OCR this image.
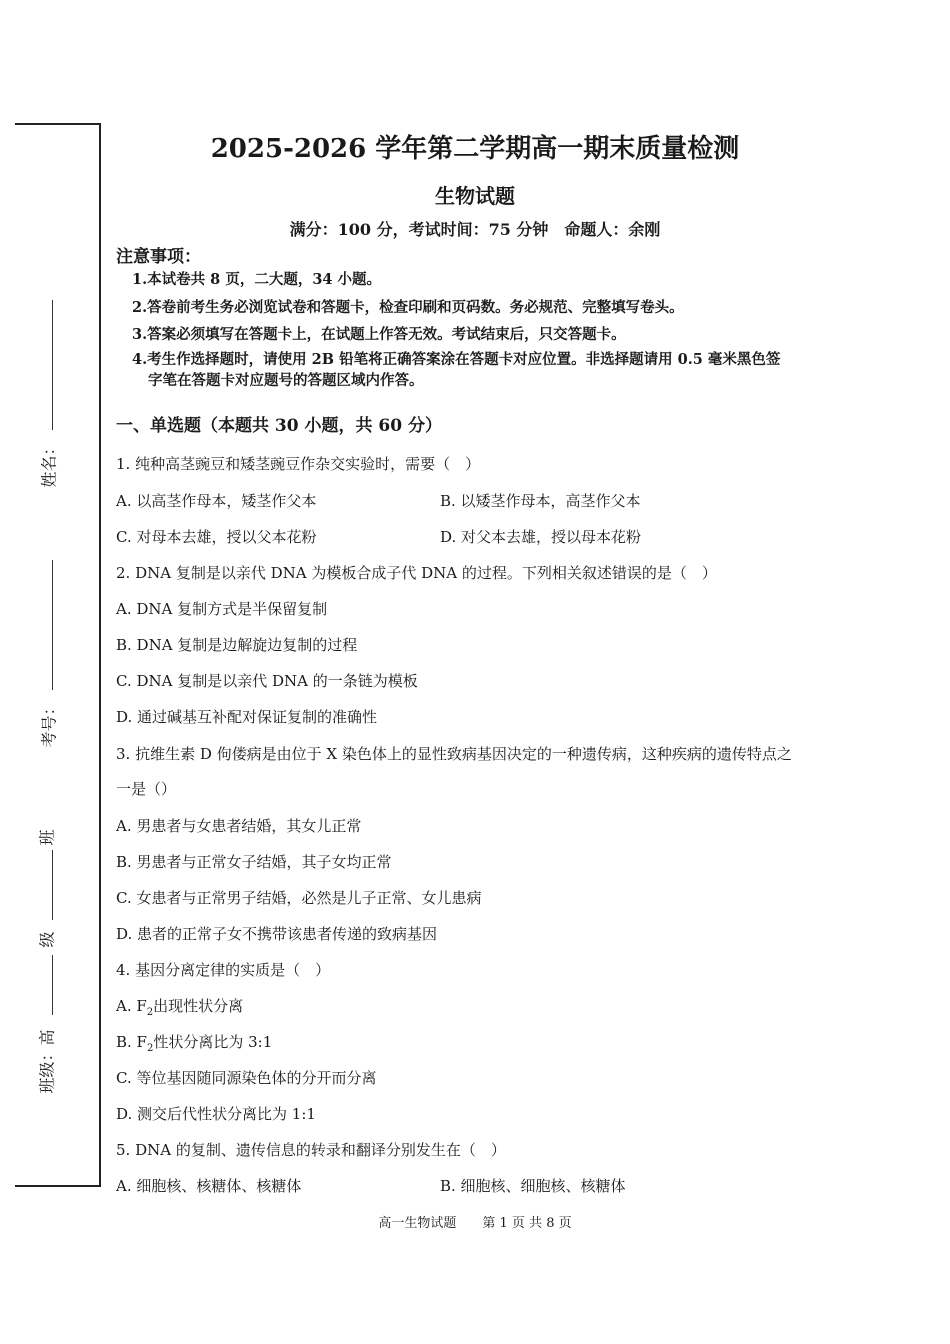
姓名：
考号：
班
级
班级：高
2025-2026 学年第二学期高一期末质量检测
生物试题
满分：100 分，考试时间：75 分钟　命题人：余刚
注意事项：
1.本试卷共 8 页，二大题，34 小题。
2.答卷前考生务必浏览试卷和答题卡，检查印刷和页码数。务必规范、完整填写卷头。
3.答案必须填写在答题卡上，在试题上作答无效。考试结束后，只交答题卡。
4.考生作选择题时，请使用 2B 铅笔将正确答案涂在答题卡对应位置。非选择题请用 0.5 毫米黑色签
字笔在答题卡对应题号的答题区域内作答。
一、单选题（本题共 30 小题，共 60 分）
1. 纯种高茎豌豆和矮茎豌豆作杂交实验时，需要（　）
A. 以高茎作母本，矮茎作父本	B. 以矮茎作母本，高茎作父本
C. 对母本去雄，授以父本花粉	D. 对父本去雄，授以母本花粉
2. DNA 复制是以亲代 DNA 为模板合成子代 DNA 的过程。下列相关叙述错误的是（　）
A. DNA 复制方式是半保留复制
B. DNA 复制是边解旋边复制的过程
C. DNA 复制是以亲代 DNA 的一条链为模板
D. 通过碱基互补配对保证复制的准确性
3. 抗维生素 D 佝偻病是由位于 X 染色体上的显性致病基因决定的一种遗传病，这种疾病的遗传特点之
一是（）
A. 男患者与女患者结婚，其女儿正常
B. 男患者与正常女子结婚，其子女均正常
C. 女患者与正常男子结婚，必然是儿子正常、女儿患病
D. 患者的正常子女不携带该患者传递的致病基因
4. 基因分离定律的实质是（　）
A. $F_2$出现性状分离
B. $F_2$性状分离比为 3:1
C. 等位基因随同源染色体的分开而分离
D. 测交后代性状分离比为 1:1
5. DNA 的复制、遗传信息的转录和翻译分别发生在（　）
A. 细胞核、核糖体、核糖体	B. 细胞核、细胞核、核糖体
高一生物试题　　第 1 页 共 8 页
